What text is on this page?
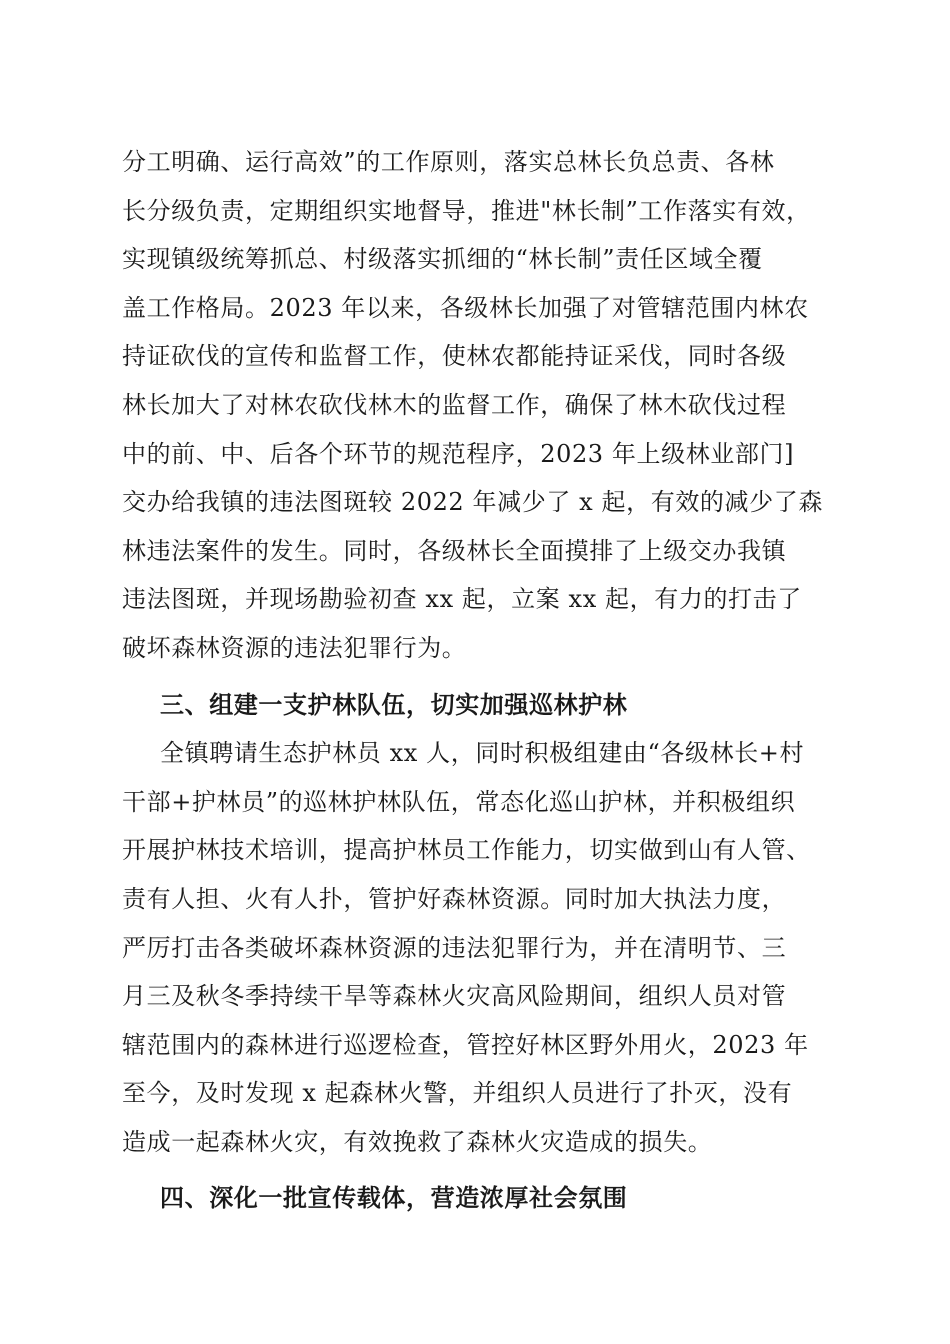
分工明确、运行高效”的工作原则，落实总林长负总责、各林
长分级负责，定期组织实地督导，推进"林长制”工作落实有效，
实现镇级统筹抓总、村级落实抓细的“林长制”责任区域全覆
盖工作格局。2023 年以来，各级林长加强了对管辖范围内林农
持证砍伐的宣传和监督工作，使林农都能持证采伐，同时各级
林长加大了对林农砍伐林木的监督工作，确保了林木砍伐过程
中的前、中、后各个环节的规范程序，2023 年上级林业部门]
交办给我镇的违法图斑较 2022 年减少了 x 起，有效的减少了森
林违法案件的发生。同时，各级林长全面摸排了上级交办我镇
违法图斑，并现场勘验初查 xx 起，立案 xx 起，有力的打击了
破坏森林资源的违法犯罪行为。
三、组建一支护林队伍，切实加强巡林护林
全镇聘请生态护林员 xx 人，同时积极组建由“各级林长+村
干部+护林员”的巡林护林队伍，常态化巡山护林，并积极组织
开展护林技术培训，提高护林员工作能力，切实做到山有人管、
责有人担、火有人扑，管护好森林资源。同时加大执法力度，
严厉打击各类破坏森林资源的违法犯罪行为，并在清明节、三
月三及秋冬季持续干旱等森林火灾高风险期间，组织人员对管
辖范围内的森林进行巡逻检查，管控好林区野外用火，2023 年
至今，及时发现 x 起森林火警，并组织人员进行了扑灭，没有
造成一起森林火灾，有效挽救了森林火灾造成的损失。
四、深化一批宣传载体，营造浓厚社会氛围
